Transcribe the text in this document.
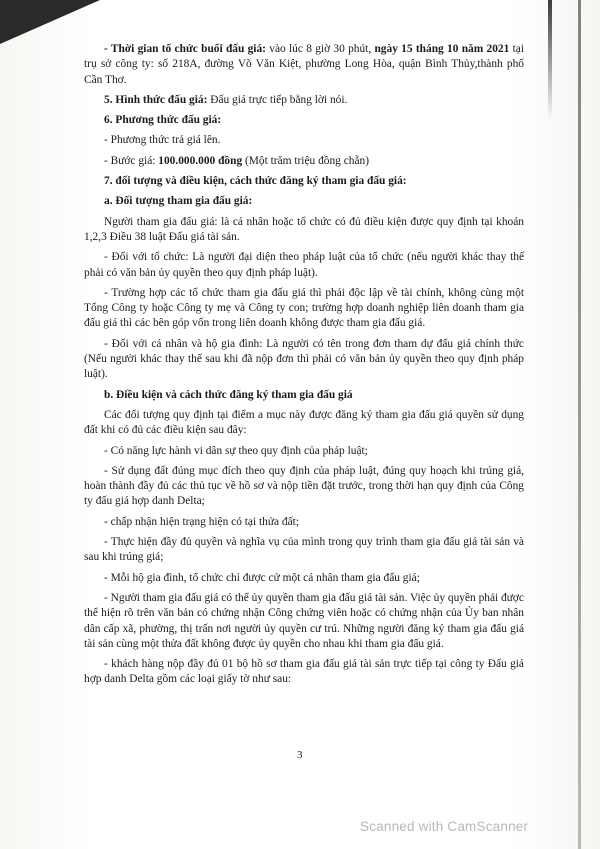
- Thời gian tổ chức buổi đấu giá: vào lúc 8 giờ 30 phút, ngày 15 tháng 10 năm 2021 tại trụ sở công ty: số 218A, đường Võ Văn Kiệt, phường Long Hòa, quận Bình Thủy,thành phố Cần Thơ.

5. Hình thức đấu giá: Đấu giá trực tiếp bằng lời nói.

6. Phương thức đấu giá:

- Phương thức trả giá lên.

- Bước giá: 100.000.000 đồng (Một trăm triệu đồng chẵn)

7. đối tượng và điều kiện, cách thức đăng ký tham gia đấu giá:

a. Đối tượng tham gia đấu giá:

Người tham gia đấu giá: là cá nhân hoặc tổ chức có đủ điều kiện được quy định tại khoản 1,2,3 Điều 38 luật Đấu giá tài sản.

- Đối với tổ chức: Là người đại diện theo pháp luật của tổ chức (nếu người khác thay thế phải có văn bản ủy quyền theo quy định pháp luật).

- Trường hợp các tổ chức tham gia đấu giá thì phải độc lập về tài chính, không cùng một Tổng Công ty hoặc Công ty mẹ và Công ty con; trường hợp doanh nghiệp liên doanh tham gia đấu giá thì các bên góp vốn trong liên doanh không được tham gia đấu giá.

- Đối với cá nhân và hộ gia đình: Là người có tên trong đơn tham dự đấu giá chính thức (Nếu người khác thay thế sau khi đã nộp đơn thì phải có văn bản ủy quyền theo quy định pháp luật).

b. Điều kiện và cách thức đăng ký tham gia đấu giá

Các đối tượng quy định tại điểm a mục này được đăng ký tham gia đấu giá quyền sử dụng đất khi có đủ các điều kiện sau đây:

- Có năng lực hành vi dân sự theo quy định của pháp luật;

- Sử dụng đất đúng mục đích theo quy định của pháp luật, đúng quy hoạch khi trúng giá, hoàn thành đầy đủ các thủ tục về hồ sơ và nộp tiền đặt trước, trong thời hạn quy định của Công ty đấu giá hợp danh Delta;

- chấp nhận hiện trạng hiện có tại thửa đất;

- Thực hiện đầy đủ quyền và nghĩa vụ của mình trong quy trình tham gia đấu giá tài sản và sau khi trúng giá;

- Mỗi hộ gia đình, tổ chức chỉ được cử một cá nhân tham gia đấu giá;

- Người tham gia đấu giá có thể ủy quyền tham gia đấu giá tài sản. Việc ủy quyền phải được thể hiện rõ trên văn bản có chứng nhận Công chứng viên hoặc có chứng nhận của Ủy ban nhân dân cấp xã, phường, thị trấn nơi người ủy quyền cư trú. Những người đăng ký tham gia đấu giá tài sản cùng một thửa đất không được ủy quyền cho nhau khi tham gia đấu giá.

- khách hàng nộp đầy đủ 01 bộ hồ sơ tham gia đấu giá tài sản trực tiếp tại công ty Đấu giá hợp danh Delta gồm các loại giấy tờ như sau:

3
Scanned with CamScanner
